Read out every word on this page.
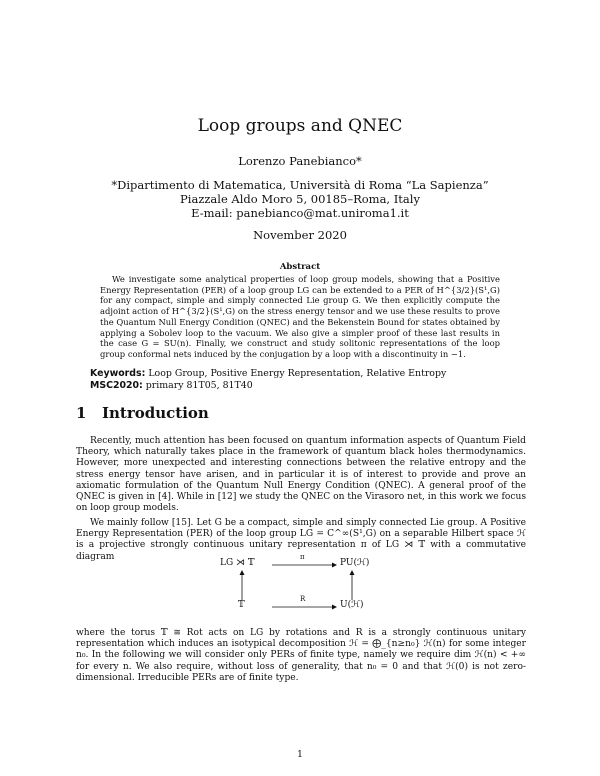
Loop groups and QNEC
Lorenzo Panebianco*
*Dipartimento di Matematica, Università di Roma “La Sapienza”
Piazzale Aldo Moro 5, 00185–Roma, Italy
E-mail: panebianco@mat.uniroma1.it
November 2020
Abstract
We investigate some analytical properties of loop group models, showing that a Positive Energy Representation (PER) of a loop group LG can be extended to a PER of H^{3/2}(S¹,G) for any compact, simple and simply connected Lie group G. We then explicitly compute the adjoint action of H^{3/2}(S¹,G) on the stress energy tensor and we use these results to prove the Quantum Null Energy Condition (QNEC) and the Bekenstein Bound for states obtained by applying a Sobolev loop to the vacuum. We also give a simpler proof of these last results in the case G = SU(n). Finally, we construct and study solitonic representations of the loop group conformal nets induced by the conjugation by a loop with a discontinuity in −1.
Keywords: Loop Group, Positive Energy Representation, Relative Entropy
MSC2020: primary 81T05, 81T40
1 Introduction
Recently, much attention has been focused on quantum information aspects of Quantum Field Theory, which naturally takes place in the framework of quantum black holes thermodynamics. However, more unexpected and interesting connections between the relative entropy and the stress energy tensor have arisen, and in particular it is of interest to provide and prove an axiomatic formulation of the Quantum Null Energy Condition (QNEC). A general proof of the QNEC is given in [4]. While in [12] we study the QNEC on the Virasoro net, in this work we focus on loop group models.
We mainly follow [15]. Let G be a compact, simple and simply connected Lie group. A Positive Energy Representation (PER) of the loop group LG = C^∞(S¹,G) on a separable Hilbert space ℋ is a projective strongly continuous unitary representation π of LG ⋊ 𝕋 with a commutative diagram
LG ⋊ 𝕋
π
PU(ℋ)
𝕋
R
U(ℋ)
where the torus 𝕋 ≅ Rot acts on LG by rotations and R is a strongly continuous unitary representation which induces an isotypical decomposition ℋ = ⨁_{n≥n₀} ℋ(n) for some integer n₀. In the following we will consider only PERs of finite type, namely we require dim ℋ(n) < +∞ for every n. We also require, without loss of generality, that n₀ = 0 and that ℋ(0) is not zero-dimensional. Irreducible PERs are of finite type.
1
